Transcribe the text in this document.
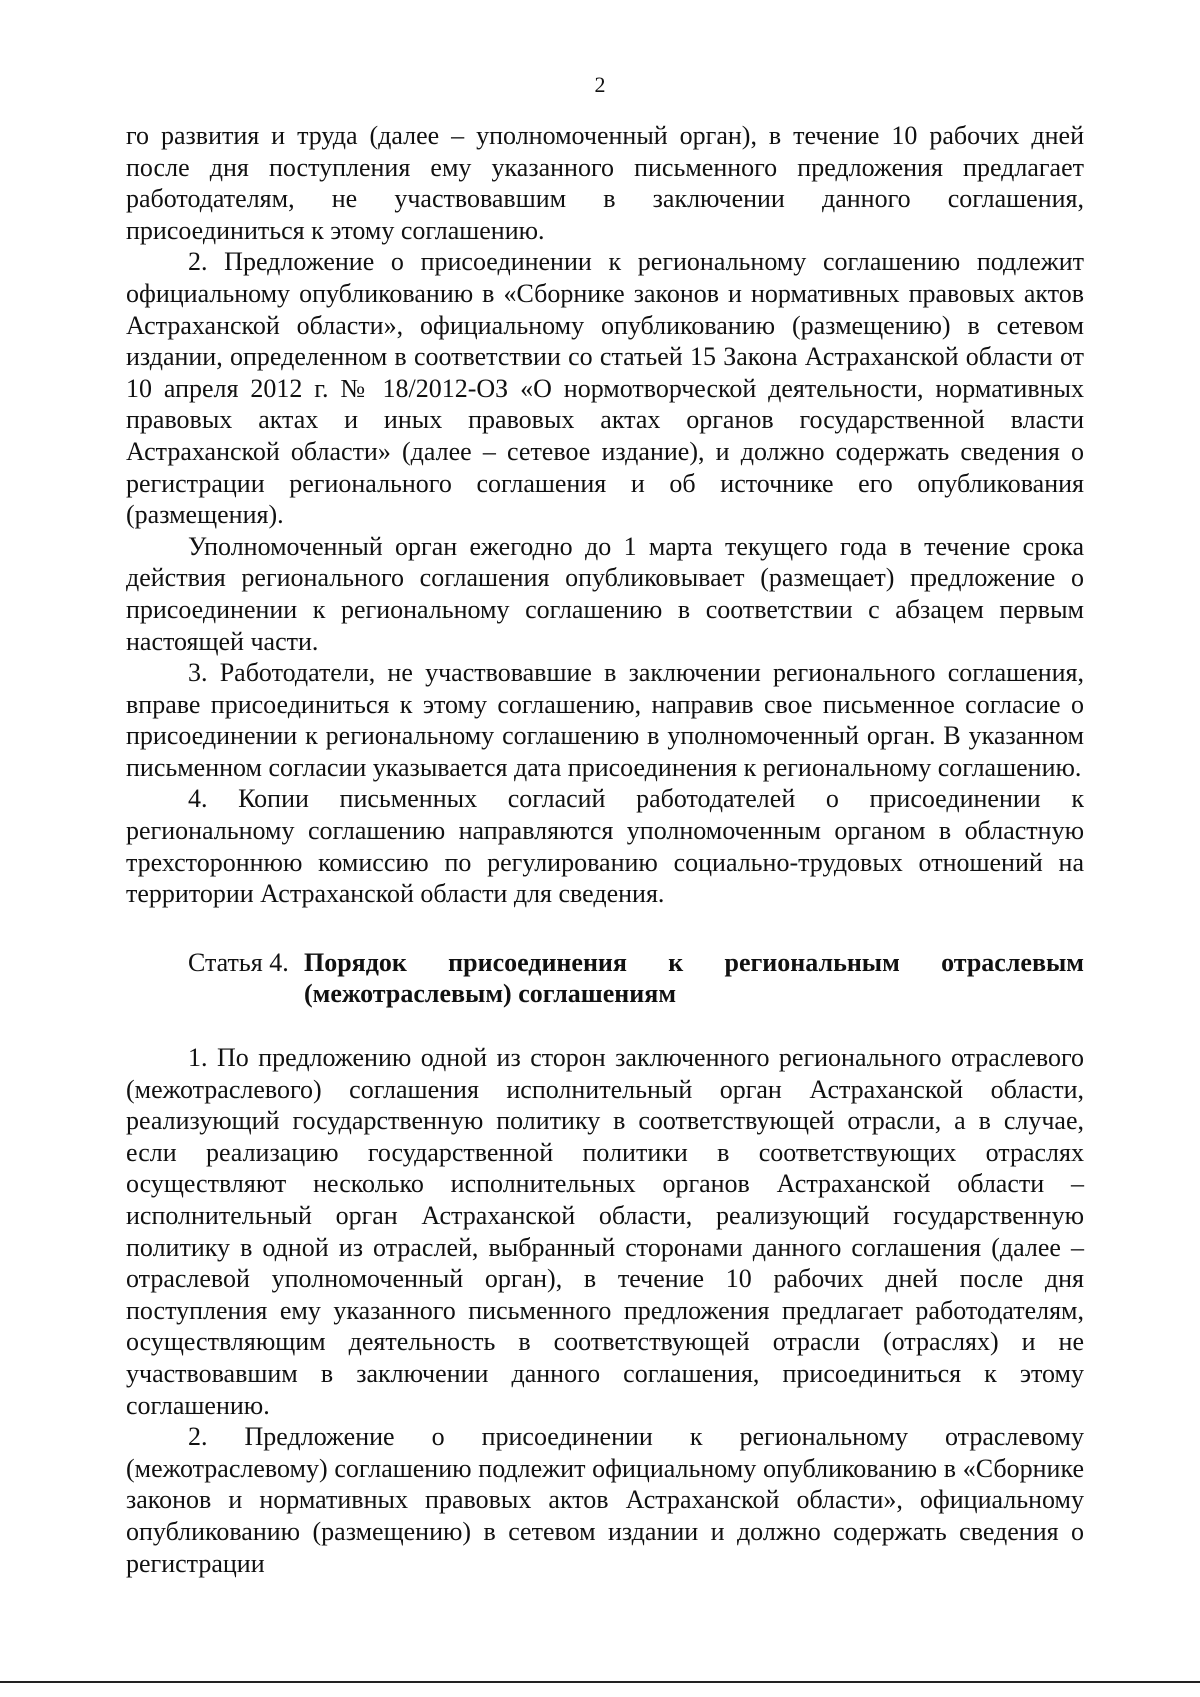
2

го развития и труда (далее – уполномоченный орган), в течение 10 рабочих дней после дня поступления ему указанного письменного предложения предлагает работодателям, не участвовавшим в заключении данного соглашения, присоединиться к этому соглашению.

2. Предложение о присоединении к региональному соглашению подлежит официальному опубликованию в «Сборнике законов и нормативных правовых актов Астраханской области», официальному опубликованию (размещению) в сетевом издании, определенном в соответствии со статьей 15 Закона Астраханской области от 10 апреля 2012 г. № 18/2012-ОЗ «О нормотворческой деятельности, нормативных правовых актах и иных правовых актах органов государственной власти Астраханской области» (далее – сетевое издание), и должно содержать сведения о регистрации регионального соглашения и об источнике его опубликования (размещения).

Уполномоченный орган ежегодно до 1 марта текущего года в течение срока действия регионального соглашения опубликовывает (размещает) предложение о присоединении к региональному соглашению в соответствии с абзацем первым настоящей части.

3. Работодатели, не участвовавшие в заключении регионального соглашения, вправе присоединиться к этому соглашению, направив свое письменное согласие о присоединении к региональному соглашению в уполномоченный орган. В указанном письменном согласии указывается дата присоединения к региональному соглашению.

4. Копии письменных согласий работодателей о присоединении к региональному соглашению направляются уполномоченным органом в областную трехстороннюю комиссию по регулированию социально-трудовых отношений на территории Астраханской области для сведения.

Статья 4. Порядок присоединения к региональным отраслевым
(межотраслевым) соглашениям

1. По предложению одной из сторон заключенного регионального отраслевого (межотраслевого) соглашения исполнительный орган Астраханской области, реализующий государственную политику в соответствующей отрасли, а в случае, если реализацию государственной политики в соответствующих отраслях осуществляют несколько исполнительных органов Астраханской области – исполнительный орган Астраханской области, реализующий государственную политику в одной из отраслей, выбранный сторонами данного соглашения (далее – отраслевой уполномоченный орган), в течение 10 рабочих дней после дня поступления ему указанного письменного предложения предлагает работодателям, осуществляющим деятельность в соответствующей отрасли (отраслях) и не участвовавшим в заключении данного соглашения, присоединиться к этому соглашению.

2. Предложение о присоединении к региональному отраслевому (межотраслевому) соглашению подлежит официальному опубликованию в «Сборнике законов и нормативных правовых актов Астраханской области», официальному опубликованию (размещению) в сетевом издании и должно содержать сведения о регистрации
